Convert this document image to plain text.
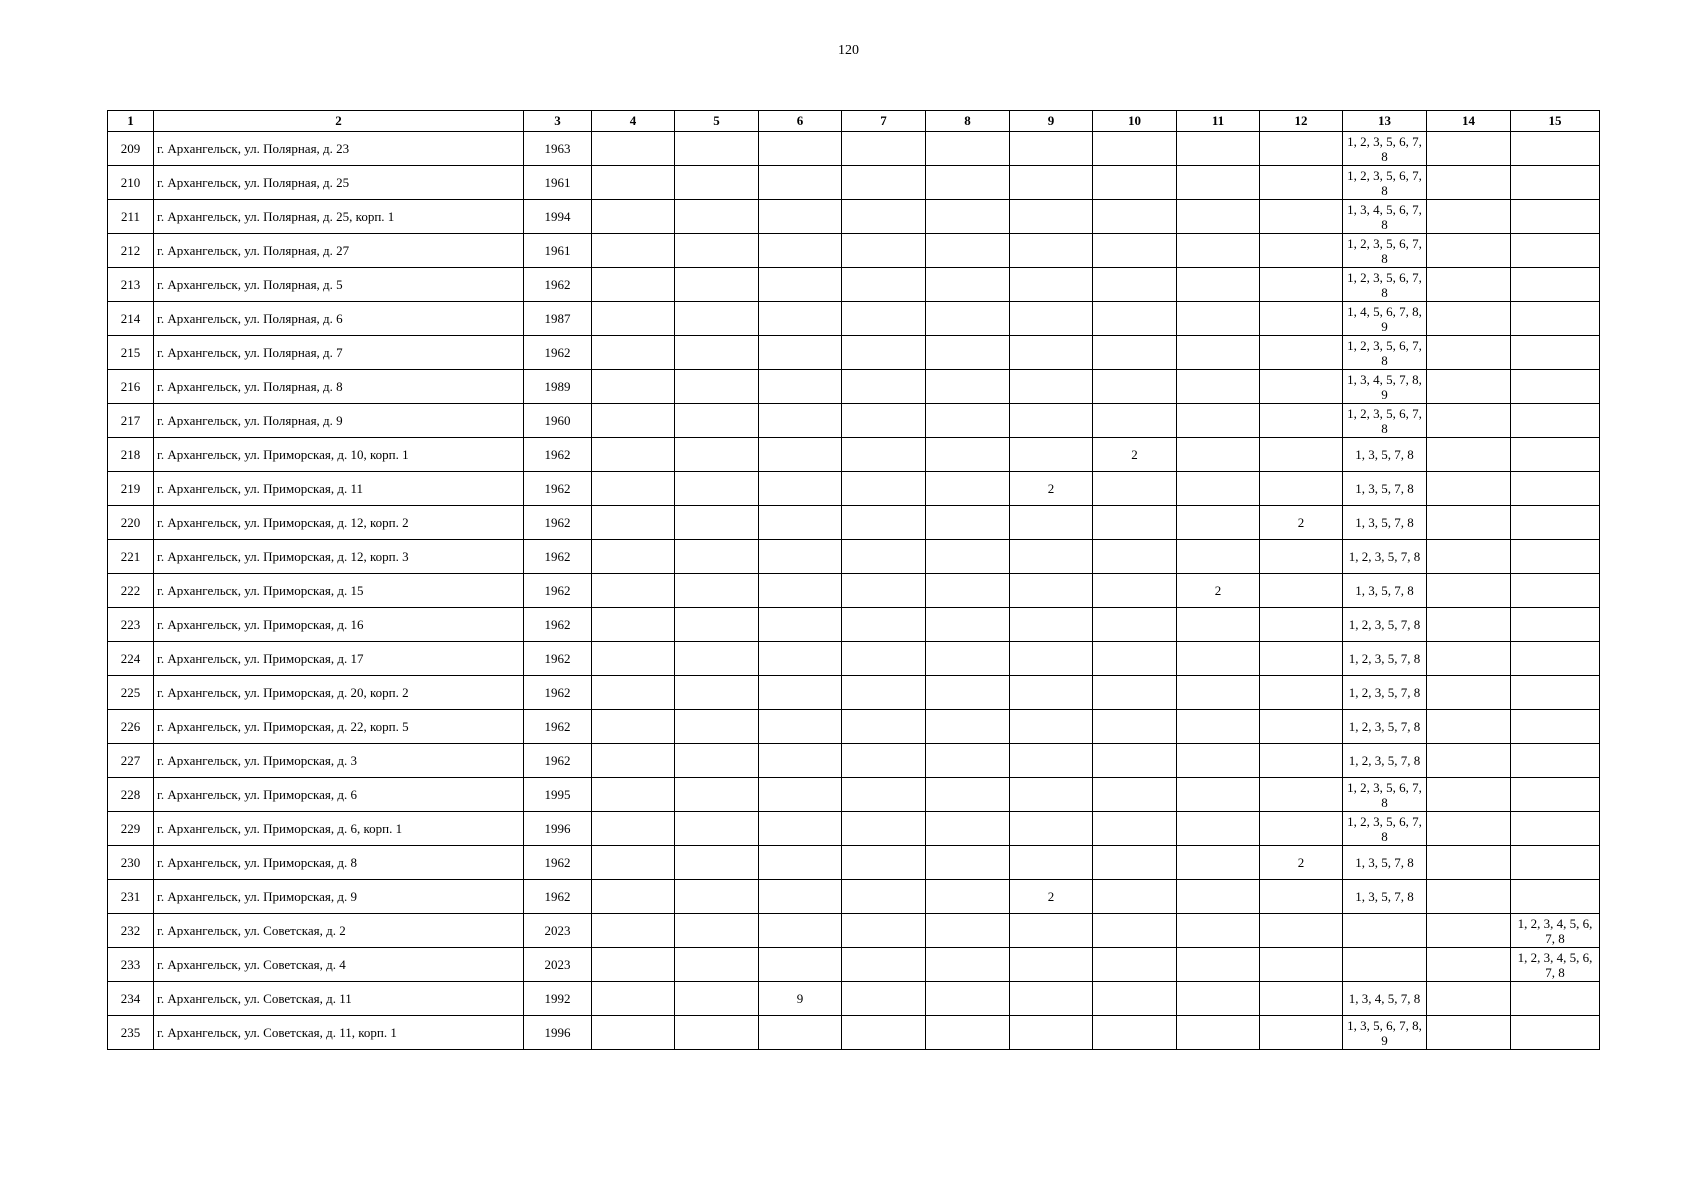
120
1	2	3	4	5	6	7	8	9	10	11	12	13	14	15
209	г. Архангельск, ул. Полярная, д. 23	1963										1, 2, 3, 5, 6, 7, 8		
210	г. Архангельск, ул. Полярная, д. 25	1961										1, 2, 3, 5, 6, 7, 8		
211	г. Архангельск, ул. Полярная, д. 25, корп. 1	1994										1, 3, 4, 5, 6, 7, 8		
212	г. Архангельск, ул. Полярная, д. 27	1961										1, 2, 3, 5, 6, 7, 8		
213	г. Архангельск, ул. Полярная, д. 5	1962										1, 2, 3, 5, 6, 7, 8		
214	г. Архангельск, ул. Полярная, д. 6	1987										1, 4, 5, 6, 7, 8, 9		
215	г. Архангельск, ул. Полярная, д. 7	1962										1, 2, 3, 5, 6, 7, 8		
216	г. Архангельск, ул. Полярная, д. 8	1989										1, 3, 4, 5, 7, 8, 9		
217	г. Архангельск, ул. Полярная, д. 9	1960										1, 2, 3, 5, 6, 7, 8		
218	г. Архангельск, ул. Приморская, д. 10, корп. 1	1962							2			1, 3, 5, 7, 8		
219	г. Архангельск, ул. Приморская, д. 11	1962						2				1, 3, 5, 7, 8		
220	г. Архангельск, ул. Приморская, д. 12, корп. 2	1962									2	1, 3, 5, 7, 8		
221	г. Архангельск, ул. Приморская, д. 12, корп. 3	1962										1, 2, 3, 5, 7, 8		
222	г. Архангельск, ул. Приморская, д. 15	1962								2		1, 3, 5, 7, 8		
223	г. Архангельск, ул. Приморская, д. 16	1962										1, 2, 3, 5, 7, 8		
224	г. Архангельск, ул. Приморская, д. 17	1962										1, 2, 3, 5, 7, 8		
225	г. Архангельск, ул. Приморская, д. 20, корп. 2	1962										1, 2, 3, 5, 7, 8		
226	г. Архангельск, ул. Приморская, д. 22, корп. 5	1962										1, 2, 3, 5, 7, 8		
227	г. Архангельск, ул. Приморская, д. 3	1962										1, 2, 3, 5, 7, 8		
228	г. Архангельск, ул. Приморская, д. 6	1995										1, 2, 3, 5, 6, 7, 8		
229	г. Архангельск, ул. Приморская, д. 6, корп. 1	1996										1, 2, 3, 5, 6, 7, 8		
230	г. Архангельск, ул. Приморская, д. 8	1962									2	1, 3, 5, 7, 8		
231	г. Архангельск, ул. Приморская, д. 9	1962						2				1, 3, 5, 7, 8		
232	г. Архангельск, ул. Советская, д. 2	2023												1, 2, 3, 4, 5, 6, 7, 8
233	г. Архангельск, ул. Советская, д. 4	2023												1, 2, 3, 4, 5, 6, 7, 8
234	г. Архангельск, ул. Советская, д. 11	1992			9							1, 3, 4, 5, 7, 8		
235	г. Архангельск, ул. Советская, д. 11, корп. 1	1996										1, 3, 5, 6, 7, 8, 9		
